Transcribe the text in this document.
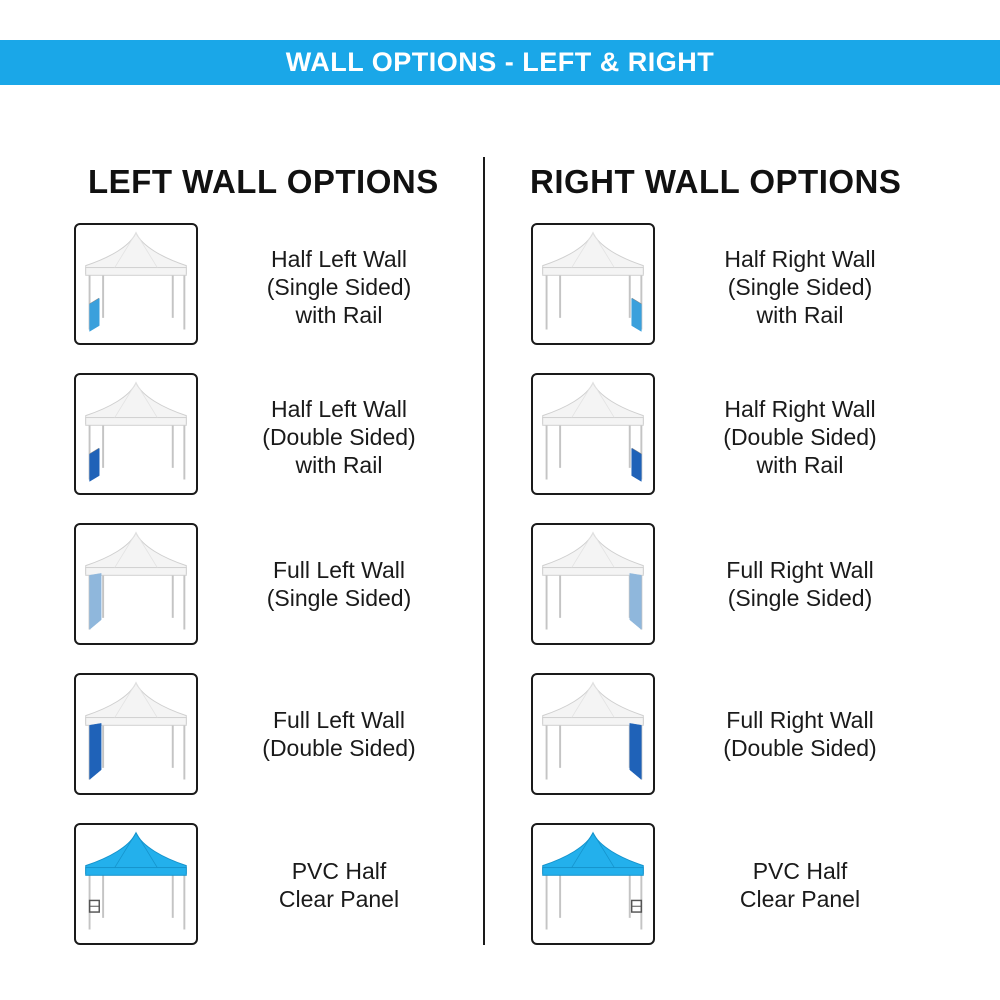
WALL OPTIONS - LEFT & RIGHT
LEFT WALL OPTIONS	RIGHT WALL OPTIONS
Half Left Wall
(Single Sided)
with Rail
Half Left Wall
(Double Sided)
with Rail
Full Left Wall
(Single Sided)
Full Left Wall
(Double Sided)
PVC Half
Clear Panel
Half Right Wall
(Single Sided)
with Rail
Half Right Wall
(Double Sided)
with Rail
Full Right Wall
(Single Sided)
Full Right Wall
(Double Sided)
PVC Half
Clear Panel
